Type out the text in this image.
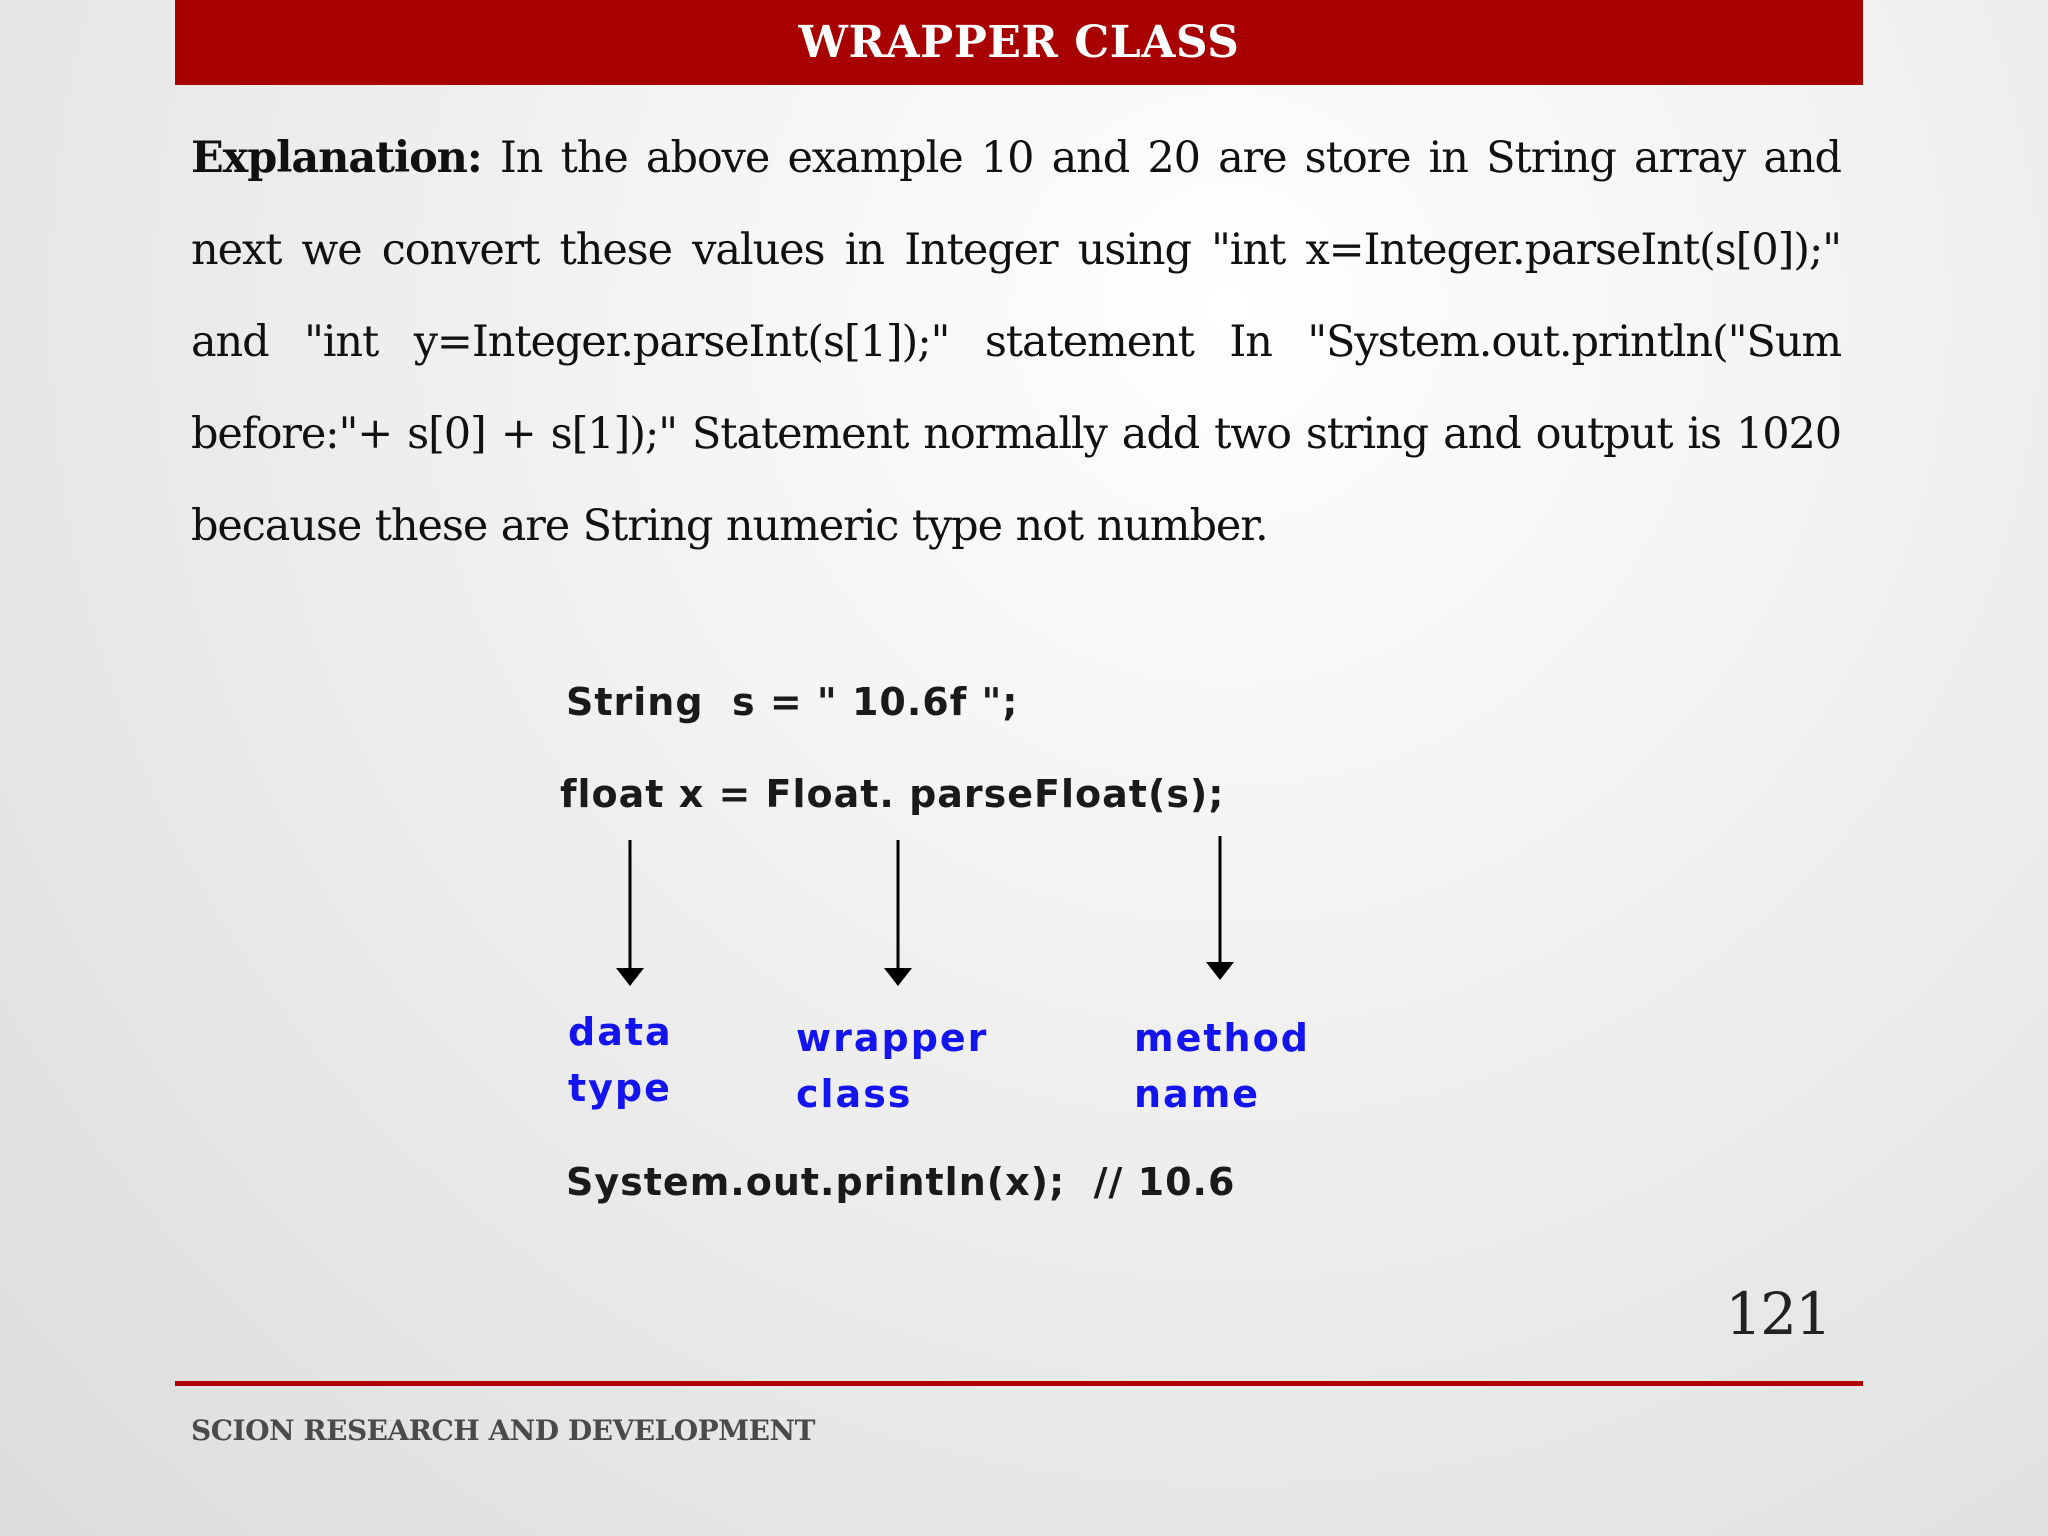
WRAPPER CLASS
Explanation: In the above example 10 and 20 are store in String array and next we convert these values in Integer using "int x=Integer.parseInt(s[0]);" and "int y=Integer.parseInt(s[1]);" statement In "System.out.println("Sum before:"+ s[0] + s[1]);" Statement normally add two string and output is 1020 because these are String numeric type not number.
String  s = " 10.6f ";
float x = Float. parseFloat(s);
data
type
wrapper
class
method
name
System.out.println(x);  // 10.6
121
SCION RESEARCH AND DEVELOPMENT
